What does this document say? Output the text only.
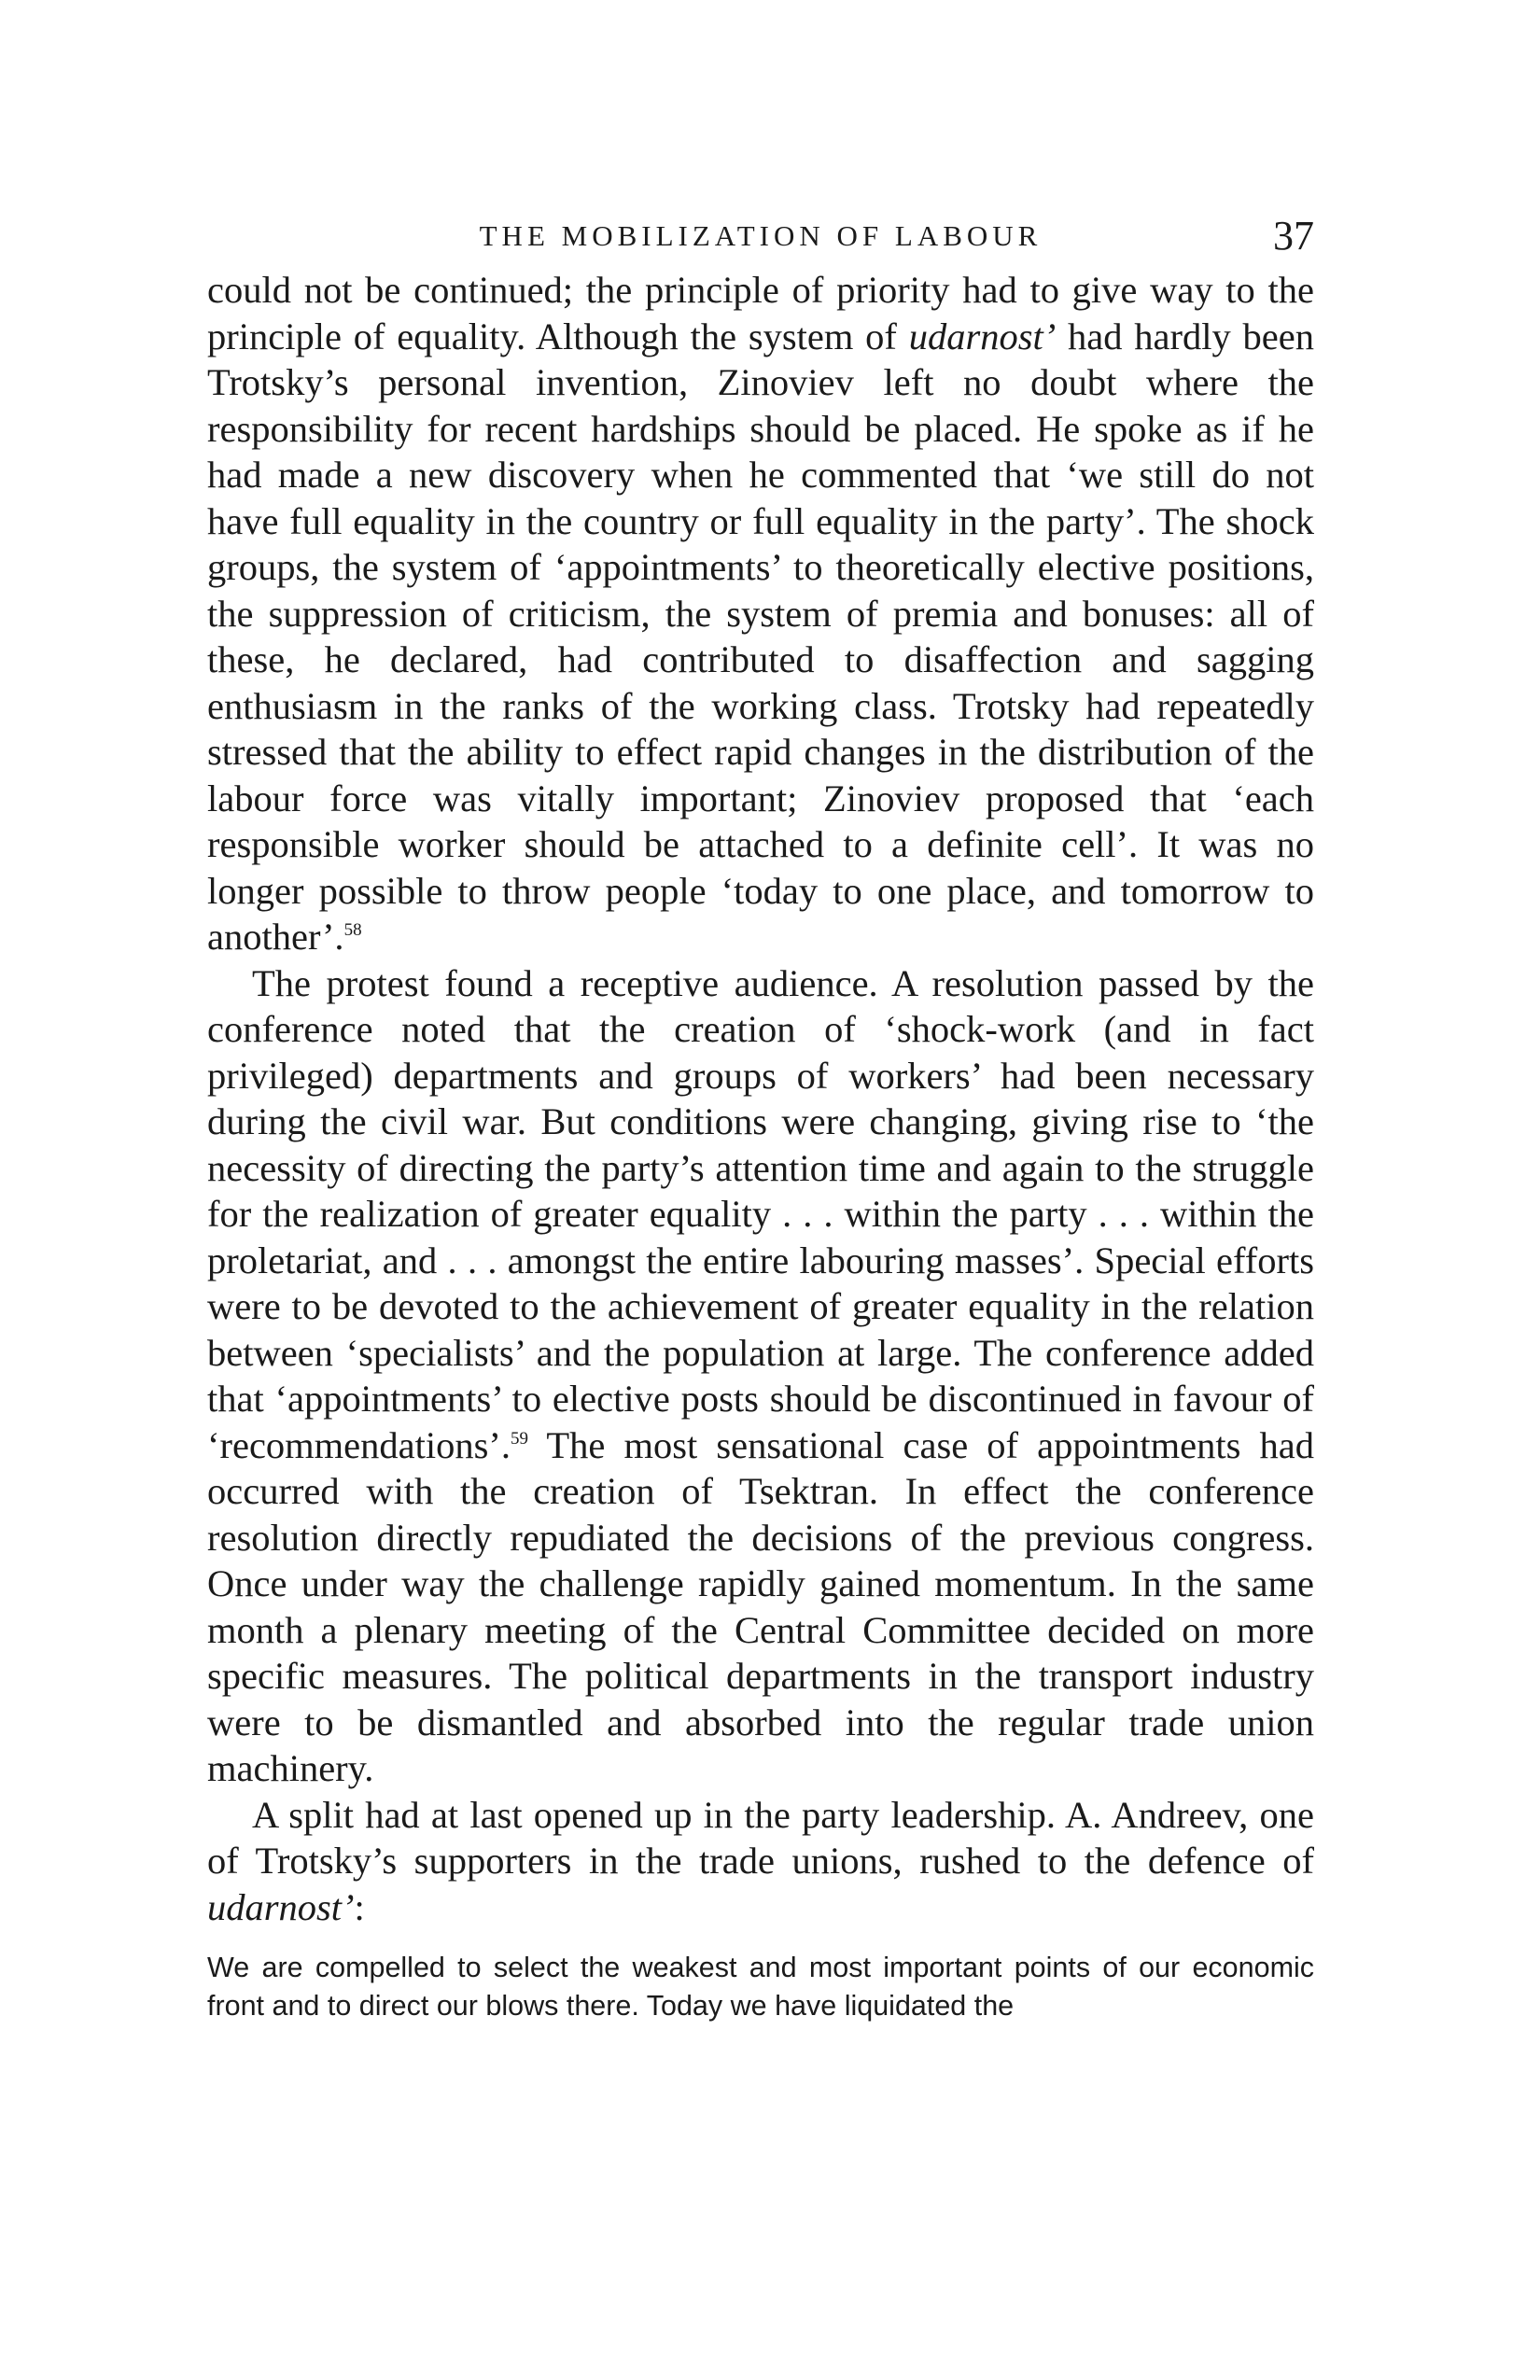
THE MOBILIZATION OF LABOUR	37

could not be continued; the principle of priority had to give way to the principle of equality. Although the system of udarnost’ had hardly been Trotsky’s personal invention, Zinoviev left no doubt where the responsibility for recent hardships should be placed. He spoke as if he had made a new discovery when he commented that ‘we still do not have full equality in the country or full equality in the party’. The shock groups, the system of ‘appointments’ to theoretically elective positions, the suppression of criticism, the system of premia and bonuses: all of these, he declared, had contributed to disaffection and sagging enthusiasm in the ranks of the working class. Trotsky had repeatedly stressed that the ability to effect rapid changes in the distribution of the labour force was vitally important; Zinoviev proposed that ‘each responsible worker should be attached to a definite cell’. It was no longer possible to throw people ‘today to one place, and tomorrow to another’.$^{58}$

The protest found a receptive audience. A resolution passed by the conference noted that the creation of ‘shock-work (and in fact privileged) departments and groups of workers’ had been necessary during the civil war. But conditions were changing, giving rise to ‘the necessity of directing the party’s attention time and again to the struggle for the realization of greater equality . . . within the party . . . within the proletariat, and . . . amongst the entire labouring masses’. Special efforts were to be devoted to the achievement of greater equality in the relation between ‘specialists’ and the population at large. The conference added that ‘appointments’ to elective posts should be discontinued in favour of ‘recommendations’.$^{59}$ The most sensational case of appointments had occurred with the creation of Tsektran. In effect the conference resolution directly repudiated the decisions of the previous congress. Once under way the challenge rapidly gained momentum. In the same month a plenary meeting of the Central Committee decided on more specific measures. The political departments in the transport industry were to be dismantled and absorbed into the regular trade union machinery.

A split had at last opened up in the party leadership. A. Andreev, one of Trotsky’s supporters in the trade unions, rushed to the defence of udarnost’:

We are compelled to select the weakest and most important points of our economic front and to direct our blows there. Today we have liquidated the
